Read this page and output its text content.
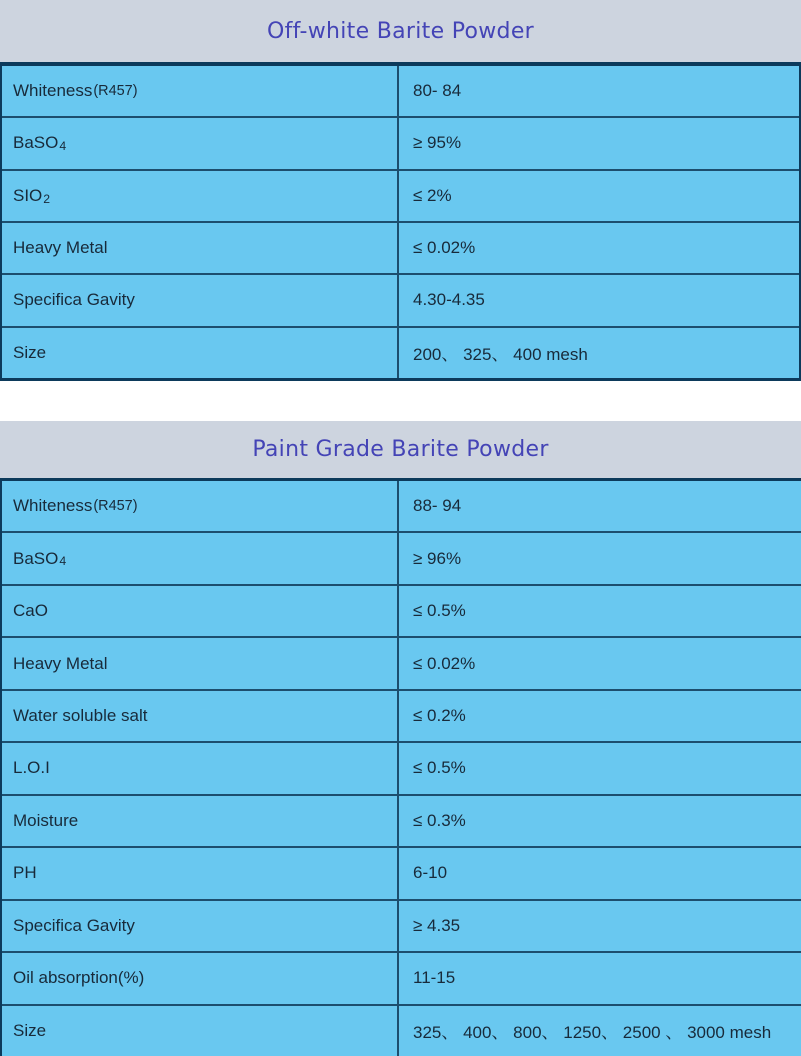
Off-white Barite Powder
Whiteness (R457)	80- 84
BaSO 4	≥ 95%
SIO 2	≤ 2%
Heavy Metal	≤ 0.02%
Specifica Gavity	4.30-4.35
Size	200、 325、 400 mesh
Paint Grade Barite Powder
Whiteness (R457)	88- 94
BaSO 4	≥ 96%
CaO	≤ 0.5%
Heavy Metal	≤ 0.02%
Water soluble salt	≤ 0.2%
L.O.I	≤ 0.5%
Moisture	≤ 0.3%
PH	6-10
Specifica Gavity	≥ 4.35
Oil absorption(%)	11-15
Size	325、 400、 800、 1250、 2500 、 3000 mesh
